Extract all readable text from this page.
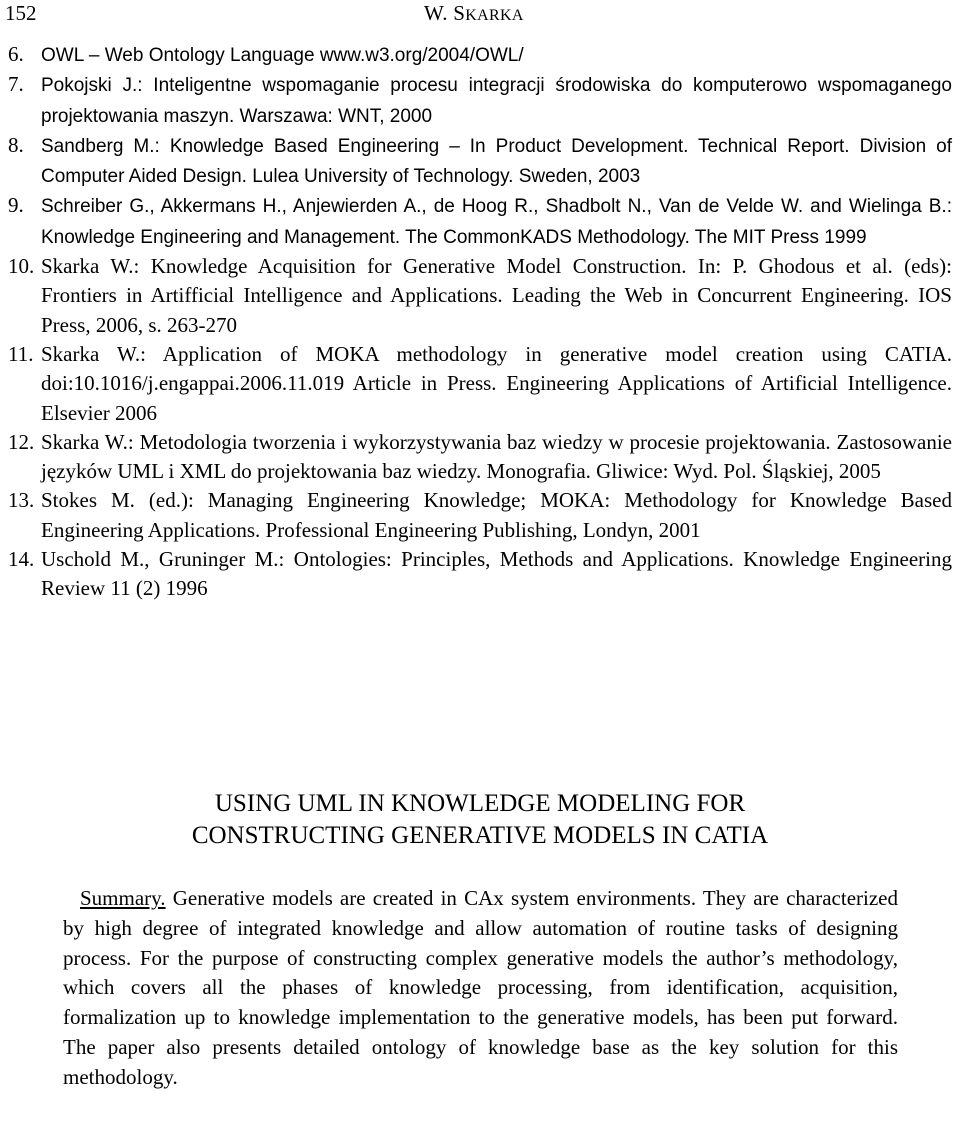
152	W. SKARKA
6. OWL – Web Ontology Language www.w3.org/2004/OWL/
7. Pokojski J.: Inteligentne wspomaganie procesu integracji środowiska do komputerowo wspomaganego projektowania maszyn. Warszawa: WNT, 2000
8. Sandberg M.: Knowledge Based Engineering – In Product Development. Technical Report. Division of Computer Aided Design. Lulea University of Technology. Sweden, 2003
9. Schreiber G., Akkermans H., Anjewierden A., de Hoog R., Shadbolt N., Van de Velde W. and Wielinga B.: Knowledge Engineering and Management. The CommonKADS Methodology. The MIT Press 1999
10. Skarka W.: Knowledge Acquisition for Generative Model Construction. In: P. Ghodous et al. (eds): Frontiers in Artifficial Intelligence and Applications. Leading the Web in Concurrent Engineering. IOS Press, 2006, s. 263-270
11. Skarka W.: Application of MOKA methodology in generative model creation using CATIA. doi:10.1016/j.engappai.2006.11.019 Article in Press. Engineering Applications of Artificial Intelligence. Elsevier 2006
12. Skarka W.: Metodologia tworzenia i wykorzystywania baz wiedzy w procesie projektowania. Zastosowanie języków UML i XML do projektowania baz wiedzy. Monografia. Gliwice: Wyd. Pol. Śląskiej, 2005
13. Stokes M. (ed.): Managing Engineering Knowledge; MOKA: Methodology for Knowledge Based Engineering Applications. Professional Engineering Publishing, Londyn, 2001
14. Uschold M., Gruninger M.: Ontologies: Principles, Methods and Applications. Knowledge Engineering Review 11 (2) 1996
USING UML IN KNOWLEDGE MODELING FOR
CONSTRUCTING GENERATIVE MODELS IN CATIA

Summary. Generative models are created in CAx system environments. They are characterized by high degree of integrated knowledge and allow automation of routine tasks of designing process. For the purpose of constructing complex generative models the author’s methodology, which covers all the phases of knowledge processing, from identification, acquisition, formalization up to knowledge implementation to the generative models, has been put forward. The paper also presents detailed ontology of knowledge base as the key solution for this methodology.
